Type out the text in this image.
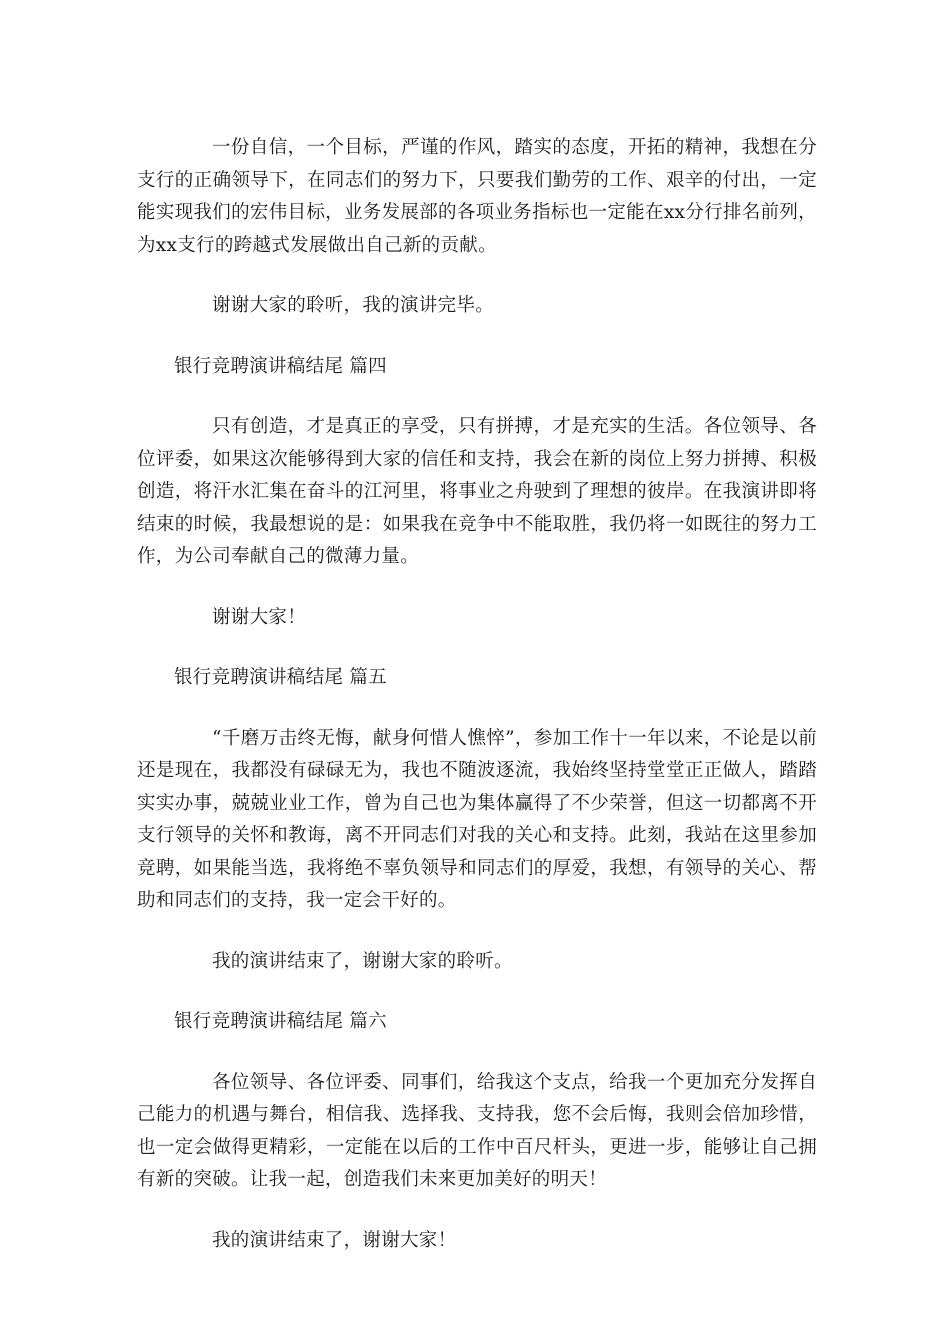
一份自信，一个目标，严谨的作风，踏实的态度，开拓的精神，我想在分支行的正确领导下，在同志们的努力下，只要我们勤劳的工作、艰辛的付出，一定能实现我们的宏伟目标，业务发展部的各项业务指标也一定能在xx分行排名前列，为xx支行的跨越式发展做出自己新的贡献。

谢谢大家的聆听，我的演讲完毕。

银行竞聘演讲稿结尾 篇四

只有创造，才是真正的享受，只有拼搏，才是充实的生活。各位领导、各位评委，如果这次能够得到大家的信任和支持，我会在新的岗位上努力拼搏、积极创造，将汗水汇集在奋斗的江河里，将事业之舟驶到了理想的彼岸。在我演讲即将结束的时候，我最想说的是：如果我在竞争中不能取胜，我仍将一如既往的努力工作，为公司奉献自己的微薄力量。

谢谢大家！

银行竞聘演讲稿结尾 篇五

“千磨万击终无悔，献身何惜人憔悴”，参加工作十一年以来，不论是以前还是现在，我都没有碌碌无为，我也不随波逐流，我始终坚持堂堂正正做人，踏踏实实办事，兢兢业业工作，曾为自己也为集体赢得了不少荣誉，但这一切都离不开支行领导的关怀和教诲，离不开同志们对我的关心和支持。此刻，我站在这里参加竞聘，如果能当选，我将绝不辜负领导和同志们的厚爱，我想，有领导的关心、帮助和同志们的支持，我一定会干好的。

我的演讲结束了，谢谢大家的聆听。

银行竞聘演讲稿结尾 篇六

各位领导、各位评委、同事们，给我这个支点，给我一个更加充分发挥自己能力的机遇与舞台，相信我、选择我、支持我，您不会后悔，我则会倍加珍惜，也一定会做得更精彩，一定能在以后的工作中百尺杆头，更进一步，能够让自己拥有新的突破。让我一起，创造我们未来更加美好的明天！

我的演讲结束了，谢谢大家！
